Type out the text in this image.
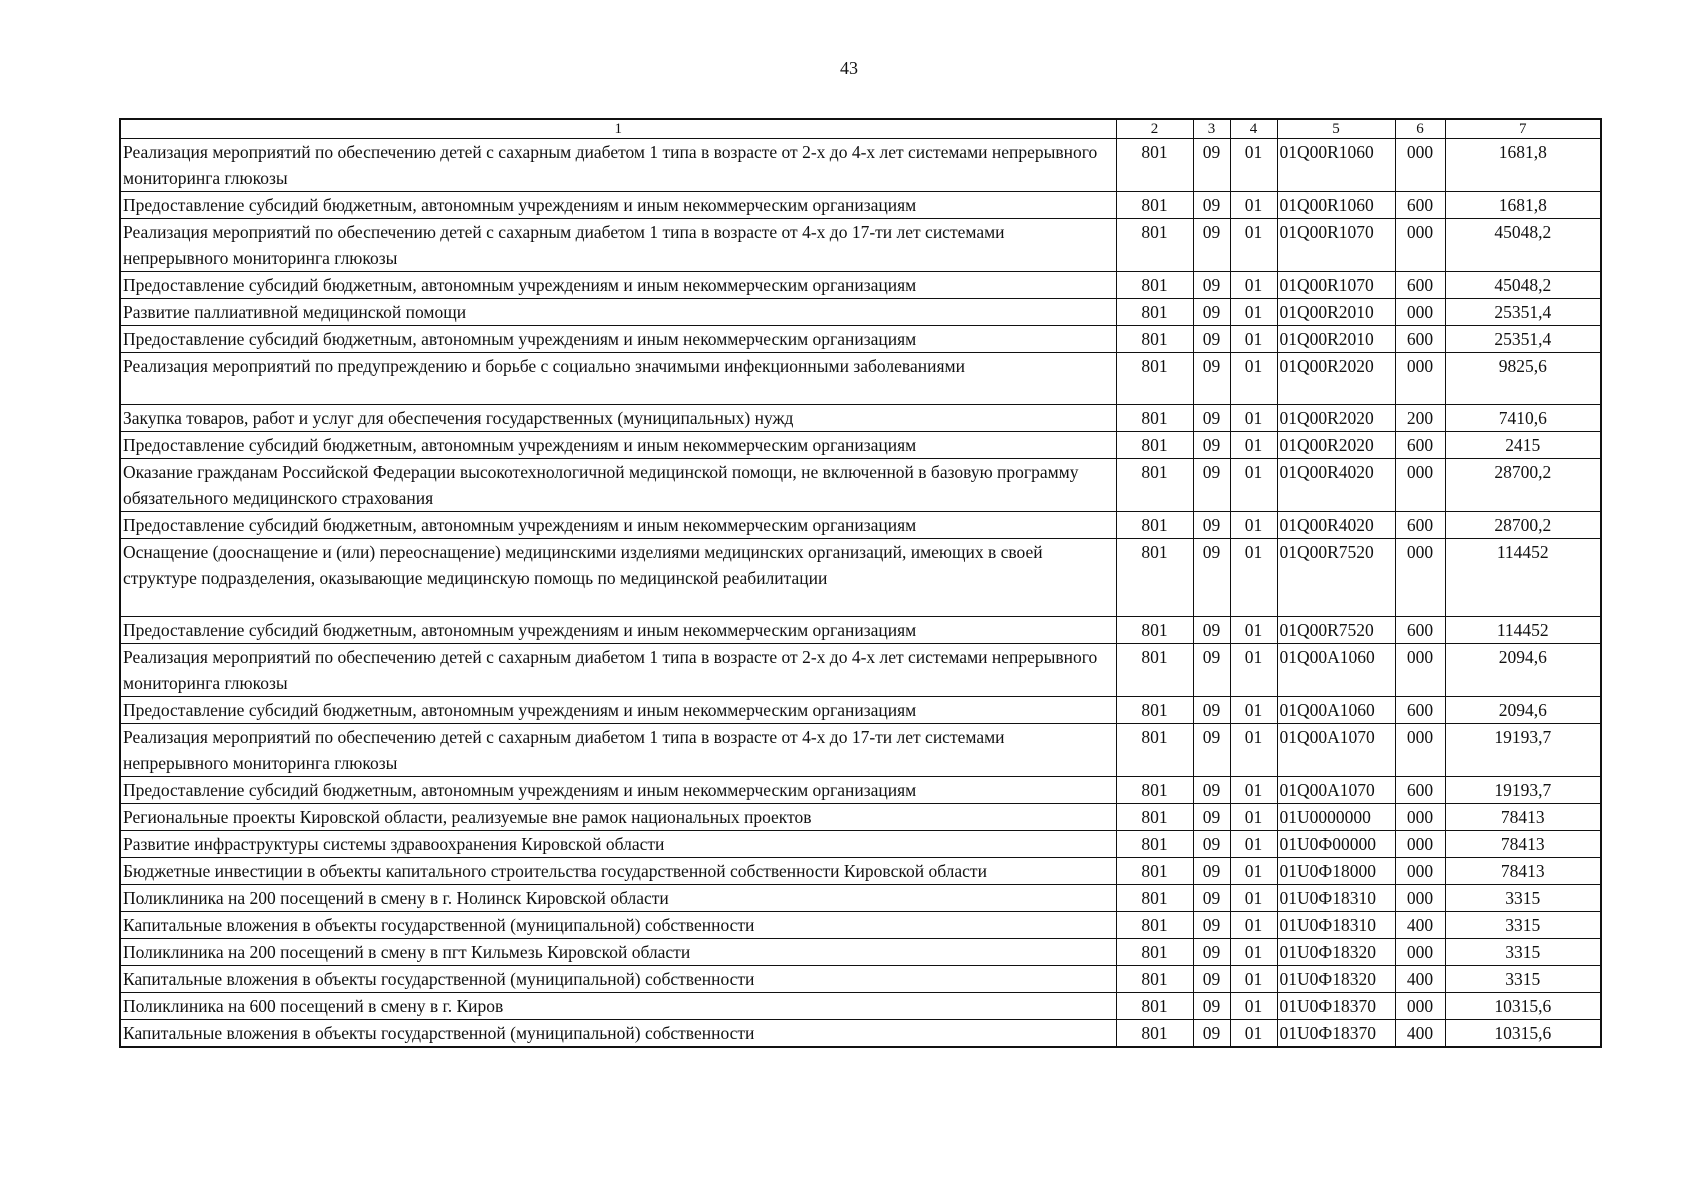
43
1	2	3	4	5	6	7
Реализация мероприятий по обеспечению детей с сахарным диабетом 1 типа в возрасте от 2-х до 4-х лет системами непрерывного мониторинга глюкозы	801	09	01	01Q00R1060	000	1681,8
Предоставление субсидий бюджетным, автономным учреждениям и иным некоммерческим организациям	801	09	01	01Q00R1060	600	1681,8
Реализация мероприятий по обеспечению детей с сахарным диабетом 1 типа в возрасте от 4-х до 17-ти лет системами непрерывного мониторинга глюкозы	801	09	01	01Q00R1070	000	45048,2
Предоставление субсидий бюджетным, автономным учреждениям и иным некоммерческим организациям	801	09	01	01Q00R1070	600	45048,2
Развитие паллиативной медицинской помощи	801	09	01	01Q00R2010	000	25351,4
Предоставление субсидий бюджетным, автономным учреждениям и иным некоммерческим организациям	801	09	01	01Q00R2010	600	25351,4
Реализация мероприятий по предупреждению и борьбе с социально значимыми инфекционными заболеваниями	801	09	01	01Q00R2020	000	9825,6
Закупка товаров, работ и услуг для обеспечения государственных (муниципальных) нужд	801	09	01	01Q00R2020	200	7410,6
Предоставление субсидий бюджетным, автономным учреждениям и иным некоммерческим организациям	801	09	01	01Q00R2020	600	2415
Оказание гражданам Российской Федерации высокотехнологичной медицинской помощи, не включенной в базовую программу обязательного медицинского страхования	801	09	01	01Q00R4020	000	28700,2
Предоставление субсидий бюджетным, автономным учреждениям и иным некоммерческим организациям	801	09	01	01Q00R4020	600	28700,2
Оснащение (дооснащение и (или) переоснащение) медицинскими изделиями медицинских организаций, имеющих в своей структуре подразделения, оказывающие медицинскую помощь по медицинской реабилитации	801	09	01	01Q00R7520	000	114452
Предоставление субсидий бюджетным, автономным учреждениям и иным некоммерческим организациям	801	09	01	01Q00R7520	600	114452
Реализация мероприятий по обеспечению детей с сахарным диабетом 1 типа в возрасте от 2-х до 4-х лет системами непрерывного мониторинга глюкозы	801	09	01	01Q00A1060	000	2094,6
Предоставление субсидий бюджетным, автономным учреждениям и иным некоммерческим организациям	801	09	01	01Q00A1060	600	2094,6
Реализация мероприятий по обеспечению детей с сахарным диабетом 1 типа в возрасте от 4-х до 17-ти лет системами непрерывного мониторинга глюкозы	801	09	01	01Q00A1070	000	19193,7
Предоставление субсидий бюджетным, автономным учреждениям и иным некоммерческим организациям	801	09	01	01Q00A1070	600	19193,7
Региональные проекты Кировской области, реализуемые вне рамок национальных проектов	801	09	01	01U0000000	000	78413
Развитие инфраструктуры системы здравоохранения Кировской области	801	09	01	01U0Ф00000	000	78413
Бюджетные инвестиции в объекты капитального строительства государственной собственности Кировской области	801	09	01	01U0Ф18000	000	78413
Поликлиника на 200 посещений в смену в г. Нолинск Кировской области	801	09	01	01U0Ф18310	000	3315
Капитальные вложения в объекты государственной (муниципальной) собственности	801	09	01	01U0Ф18310	400	3315
Поликлиника на 200 посещений в смену в пгт Кильмезь Кировской области	801	09	01	01U0Ф18320	000	3315
Капитальные вложения в объекты государственной (муниципальной) собственности	801	09	01	01U0Ф18320	400	3315
Поликлиника на 600 посещений в смену в г. Киров	801	09	01	01U0Ф18370	000	10315,6
Капитальные вложения в объекты государственной (муниципальной) собственности	801	09	01	01U0Ф18370	400	10315,6
